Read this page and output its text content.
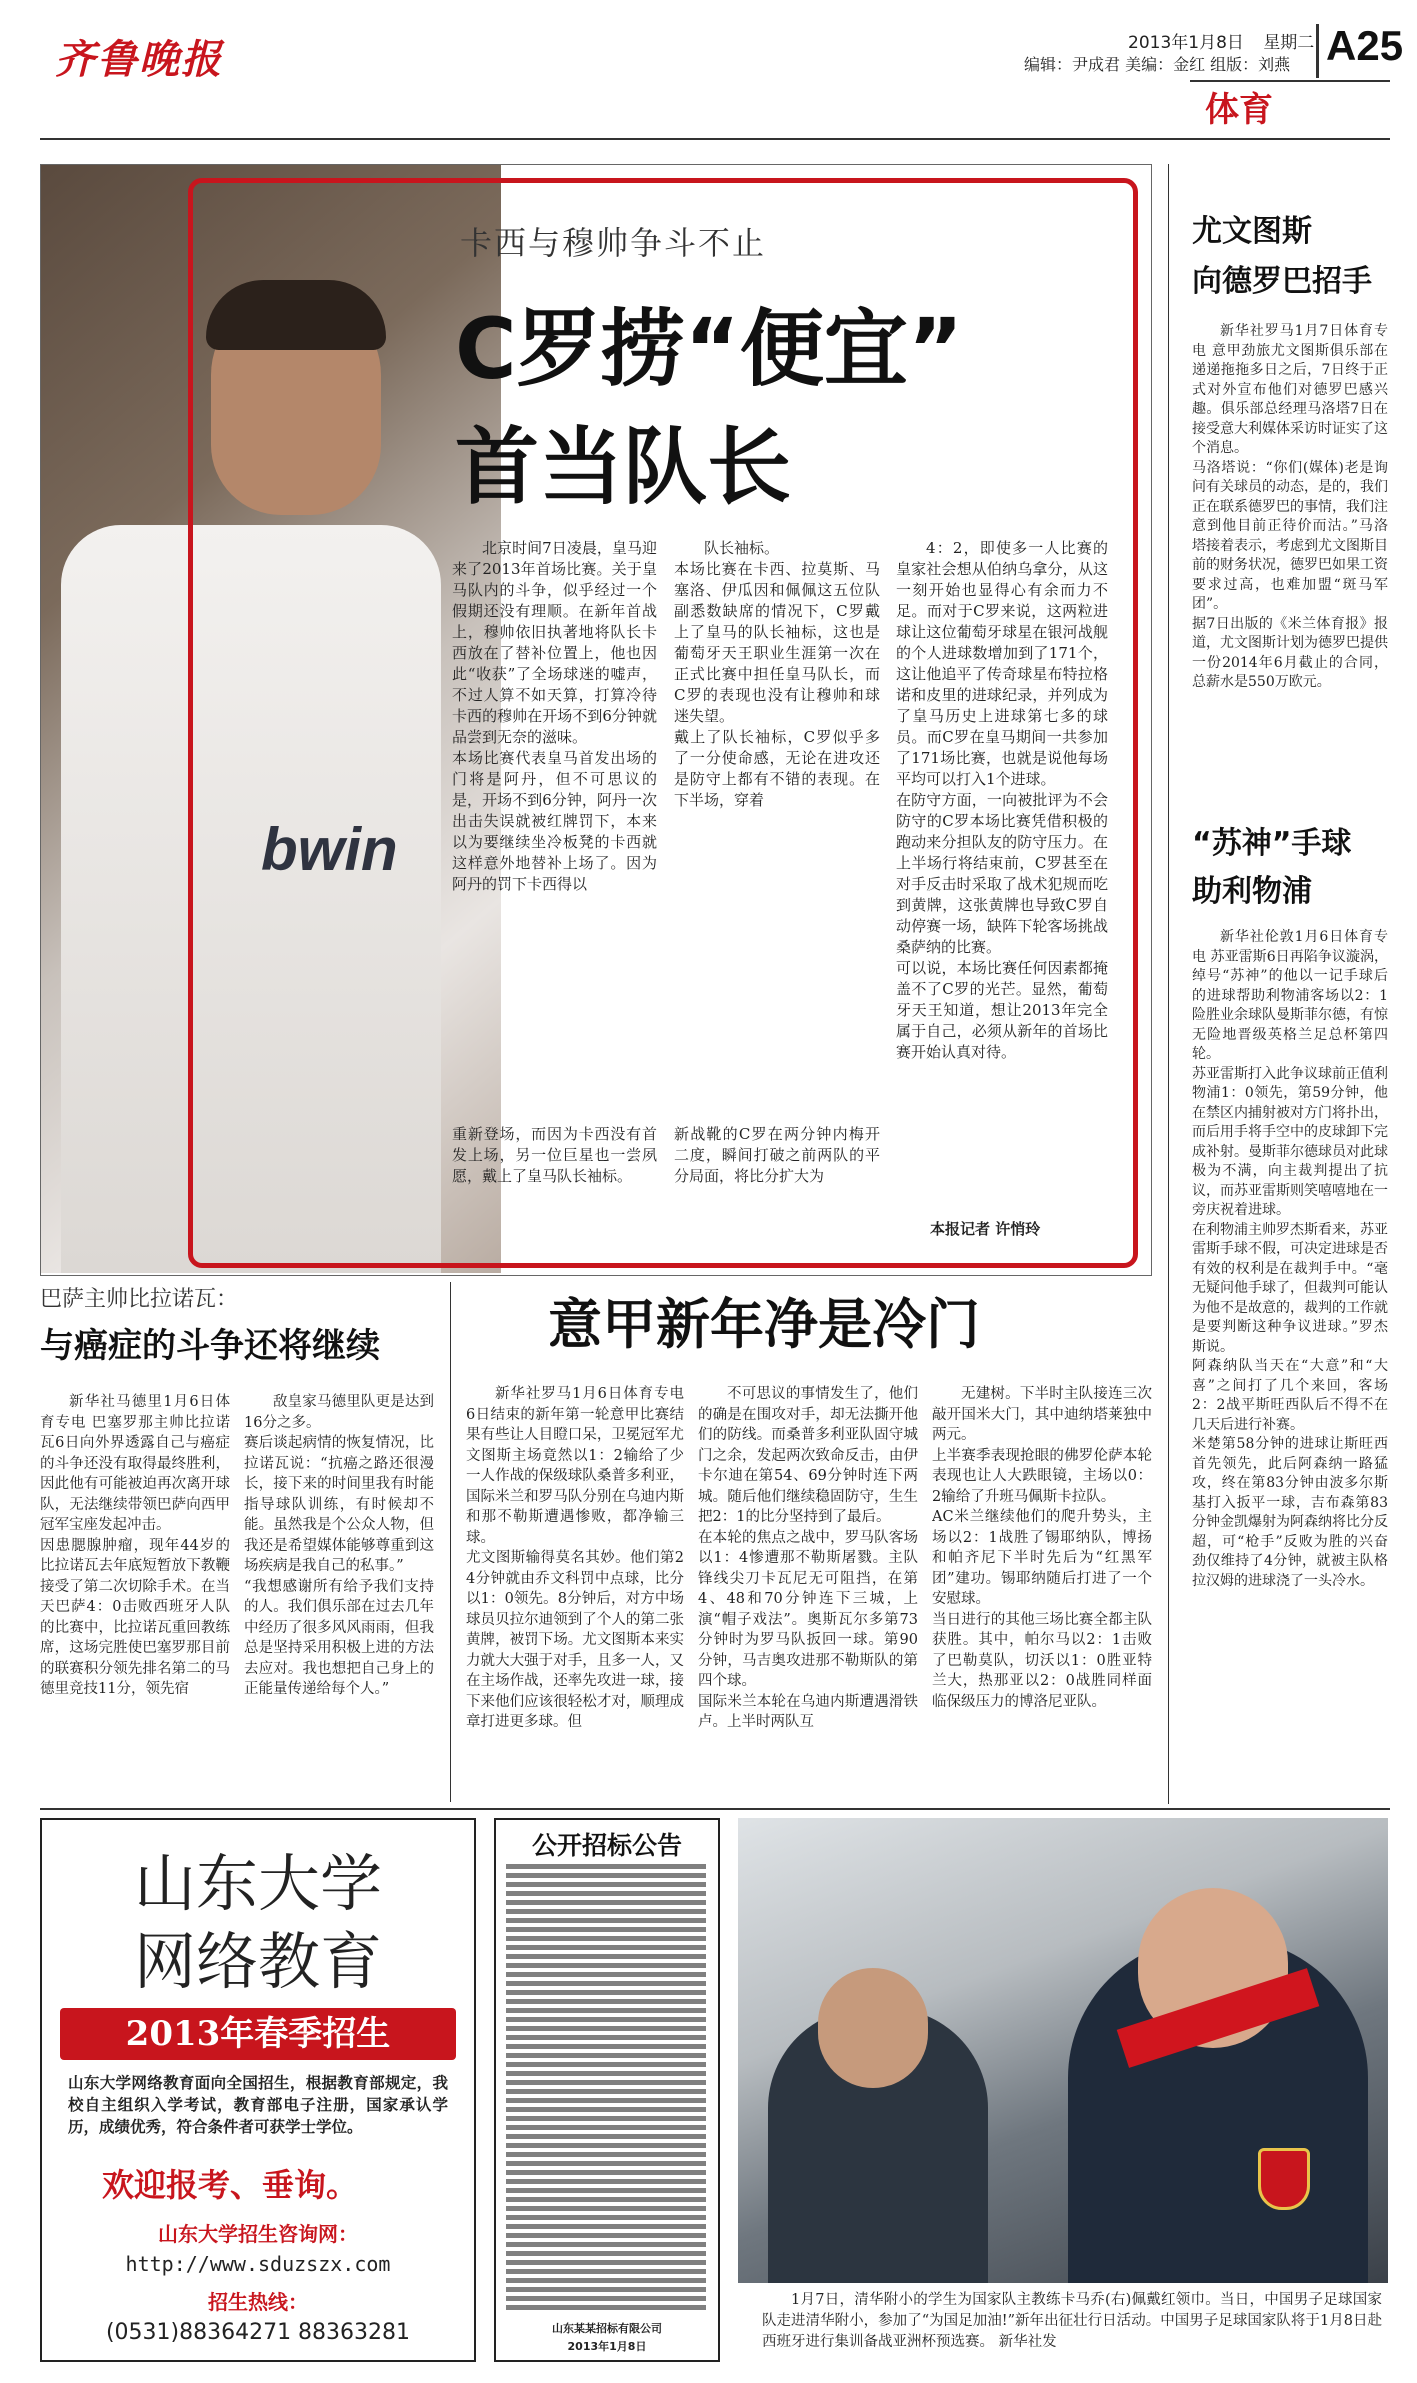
齐鲁晚报	2013年1月8日 星期二
编辑：尹成君 美编：金红 组版：刘燕 A25
体育
bwin
卡西与穆帅争斗不止
C罗捞“便宜”
首当队长

北京时间7日凌晨，皇马迎来了2013年首场比赛。关于皇马队内的斗争，似乎经过一个假期还没有理顺。在新年首战上，穆帅依旧执著地将队长卡西放在了替补位置上，他也因此“收获”了全场球迷的嘘声，不过人算不如天算，打算冷待卡西的穆帅在开场不到6分钟就品尝到无奈的滋味。
本场比赛代表皇马首发出场的门将是阿丹，但不可思议的是，开场不到6分钟，阿丹一次出击失误就被红牌罚下，本来以为要继续坐冷板凳的卡西就这样意外地替补上场了。因为阿丹的罚下卡西得以

队长袖标。
本场比赛在卡西、拉莫斯、马塞洛、伊瓜因和佩佩这五位队副悉数缺席的情况下，C罗戴上了皇马的队长袖标，这也是葡萄牙天王职业生涯第一次在正式比赛中担任皇马队长，而C罗的表现也没有让穆帅和球迷失望。
戴上了队长袖标，C罗似乎多了一分使命感，无论在进攻还是防守上都有不错的表现。在下半场，穿着

4：2，即使多一人比赛的皇家社会想从伯纳乌拿分，从这一刻开始也显得心有余而力不足。而对于C罗来说，这两粒进球让这位葡萄牙球星在银河战舰的个人进球数增加到了171个，这让他追平了传奇球星布特拉格诺和皮里的进球纪录，并列成为了皇马历史上进球第七多的球员。而C罗在皇马期间一共参加了171场比赛，也就是说他每场平均可以打入1个进球。
在防守方面，一向被批评为不会防守的C罗本场比赛凭借积极的跑动来分担队友的防守压力。在上半场行将结束前，C罗甚至在对手反击时采取了战术犯规而吃到黄牌，这张黄牌也导致C罗自动停赛一场，缺阵下轮客场挑战桑萨纳的比赛。
可以说，本场比赛任何因素都掩盖不了C罗的光芒。显然，葡萄牙天王知道，想让2013年完全属于自己，必须从新年的首场比赛开始认真对待。

重新登场，而因为卡西没有首发上场，另一位巨星也一尝夙愿，戴上了皇马队长袖标。

新战靴的C罗在两分钟内梅开二度，瞬间打破之前两队的平分局面，将比分扩大为

本报记者 许悄玲
尤文图斯
向德罗巴招手

新华社罗马1月7日体育专电 意甲劲旅尤文图斯俱乐部在递递拖拖多日之后，7日终于正式对外宣布他们对德罗巴感兴趣。俱乐部总经理马洛塔7日在接受意大利媒体采访时证实了这个消息。
马洛塔说：“你们(媒体)老是询问有关球员的动态，是的，我们正在联系德罗巴的事情，我们注意到他目前正待价而沽。”马洛塔接着表示，考虑到尤文图斯目前的财务状况，德罗巴如果工资要求过高，也难加盟“斑马军团”。
据7日出版的《米兰体育报》报道，尤文图斯计划为德罗巴提供一份2014年6月截止的合同，总薪水是550万欧元。

“苏神”手球
助利物浦

新华社伦敦1月6日体育专电 苏亚雷斯6日再陷争议漩涡，绰号“苏神”的他以一记手球后的进球帮助利物浦客场以2：1险胜业余球队曼斯菲尔德，有惊无险地晋级英格兰足总杯第四轮。
苏亚雷斯打入此争议球前正值利物浦1：0领先，第59分钟，他在禁区内捕射被对方门将扑出，而后用手将手空中的皮球卸下完成补射。曼斯菲尔德球员对此球极为不满，向主裁判提出了抗议，而苏亚雷斯则笑嘻嘻地在一旁庆祝着进球。
在利物浦主帅罗杰斯看来，苏亚雷斯手球不假，可决定进球是否有效的权利是在裁判手中。“毫无疑问他手球了，但裁判可能认为他不是故意的，裁判的工作就是要判断这种争议进球。”罗杰斯说。
阿森纳队当天在“大意”和“大喜”之间打了几个来回，客场2：2战平斯旺西队后不得不在几天后进行补赛。
米楚第58分钟的进球让斯旺西首先领先，此后阿森纳一路猛攻，终在第83分钟由波多尔斯基打入扳平一球，吉布森第83分钟金凯爆射为阿森纳将比分反超，可“枪手”反败为胜的兴奋劲仅维持了4分钟，就被主队格拉汉姆的进球浇了一头冷水。

巴萨主帅比拉诺瓦：
与癌症的斗争还将继续

新华社马德里1月6日体育专电 巴塞罗那主帅比拉诺瓦6日向外界透露自己与癌症的斗争还没有取得最终胜利，因此他有可能被迫再次离开球队，无法继续带领巴萨向西甲冠军宝座发起冲击。
因患腮腺肿瘤，现年44岁的比拉诺瓦去年底短暂放下教鞭接受了第二次切除手术。在当天巴萨4：0击败西班牙人队的比赛中，比拉诺瓦重回教练席，这场完胜使巴塞罗那目前的联赛积分领先排名第二的马德里竞技11分，领先宿

敌皇家马德里队更是达到16分之多。
赛后谈起病情的恢复情况，比拉诺瓦说：“抗癌之路还很漫长，接下来的时间里我有时能指导球队训练，有时候却不能。虽然我是个公众人物，但我还是希望媒体能够尊重到这场疾病是我自己的私事。”
“我想感谢所有给予我们支持的人。我们俱乐部在过去几年中经历了很多风风雨雨，但我总是坚持采用积极上进的方法去应对。我也想把自己身上的正能量传递给每个人。”

意甲新年净是冷门

新华社罗马1月6日体育专电 6日结束的新年第一轮意甲比赛结果有些让人目瞪口呆，卫冕冠军尤文图斯主场竟然以1：2输给了少一人作战的保级球队桑普多利亚，国际米兰和罗马队分别在乌迪内斯和那不勒斯遭遇惨败，都净输三球。
尤文图斯输得莫名其妙。他们第24分钟就由乔文科罚中点球，比分以1：0领先。8分钟后，对方中场球员贝拉尔迪领到了个人的第二张黄牌，被罚下场。尤文图斯本来实力就大大强于对手，且多一人，又在主场作战，还率先攻进一球，接下来他们应该很轻松才对，顺理成章打进更多球。但

不可思议的事情发生了，他们的确是在围攻对手，却无法撕开他们的防线。而桑普多利亚队固守城门之余，发起两次致命反击，由伊卡尔迪在第54、69分钟时连下两城。随后他们继续稳固防守，生生把2：1的比分坚持到了最后。
在本轮的焦点之战中，罗马队客场以1：4惨遭那不勒斯屠戮。主队锋线尖刀卡瓦尼无可阻挡，在第4、48和70分钟连下三城，上演“帽子戏法”。奥斯瓦尔多第73分钟时为罗马队扳回一球。第90分钟，马吉奥攻进那不勒斯队的第四个球。
国际米兰本轮在乌迪内斯遭遇滑铁卢。上半时两队互

无建树。下半时主队接连三次敲开国米大门，其中迪纳塔莱独中两元。
上半赛季表现抢眼的佛罗伦萨本轮表现也让人大跌眼镜，主场以0：2输给了升班马佩斯卡拉队。
AC米兰继续他们的爬升势头，主场以2：1战胜了锡耶纳队，博扬和帕齐尼下半时先后为“红黑军团”建功。锡耶纳随后打进了一个安慰球。
当日进行的其他三场比赛全都主队获胜。其中，帕尔马以2：1击败了巴勒莫队，切沃以1：0胜亚特兰大，热那亚以2：0战胜同样面临保级压力的博洛尼亚队。

山东大学
网络教育
2013年春季招生
山东大学网络教育面向全国招生，根据教育部规定，我校自主组织入学考试，教育部电子注册，国家承认学历，成绩优秀，符合条件者可获学士学位。
欢迎报考、垂询。
山东大学招生咨询网：
http://www.sduzszx.com
招生热线：
(0531)88364271 88363281
公开招标公告
山东某某招标有限公司
2013年1月8日
1月7日，清华附小的学生为国家队主教练卡马乔(右)佩戴红领巾。当日，中国男子足球国家队走进清华附小，参加了“为国足加油!”新年出征壮行日活动。中国男子足球国家队将于1月8日赴西班牙进行集训备战亚洲杯预选赛。 新华社发
